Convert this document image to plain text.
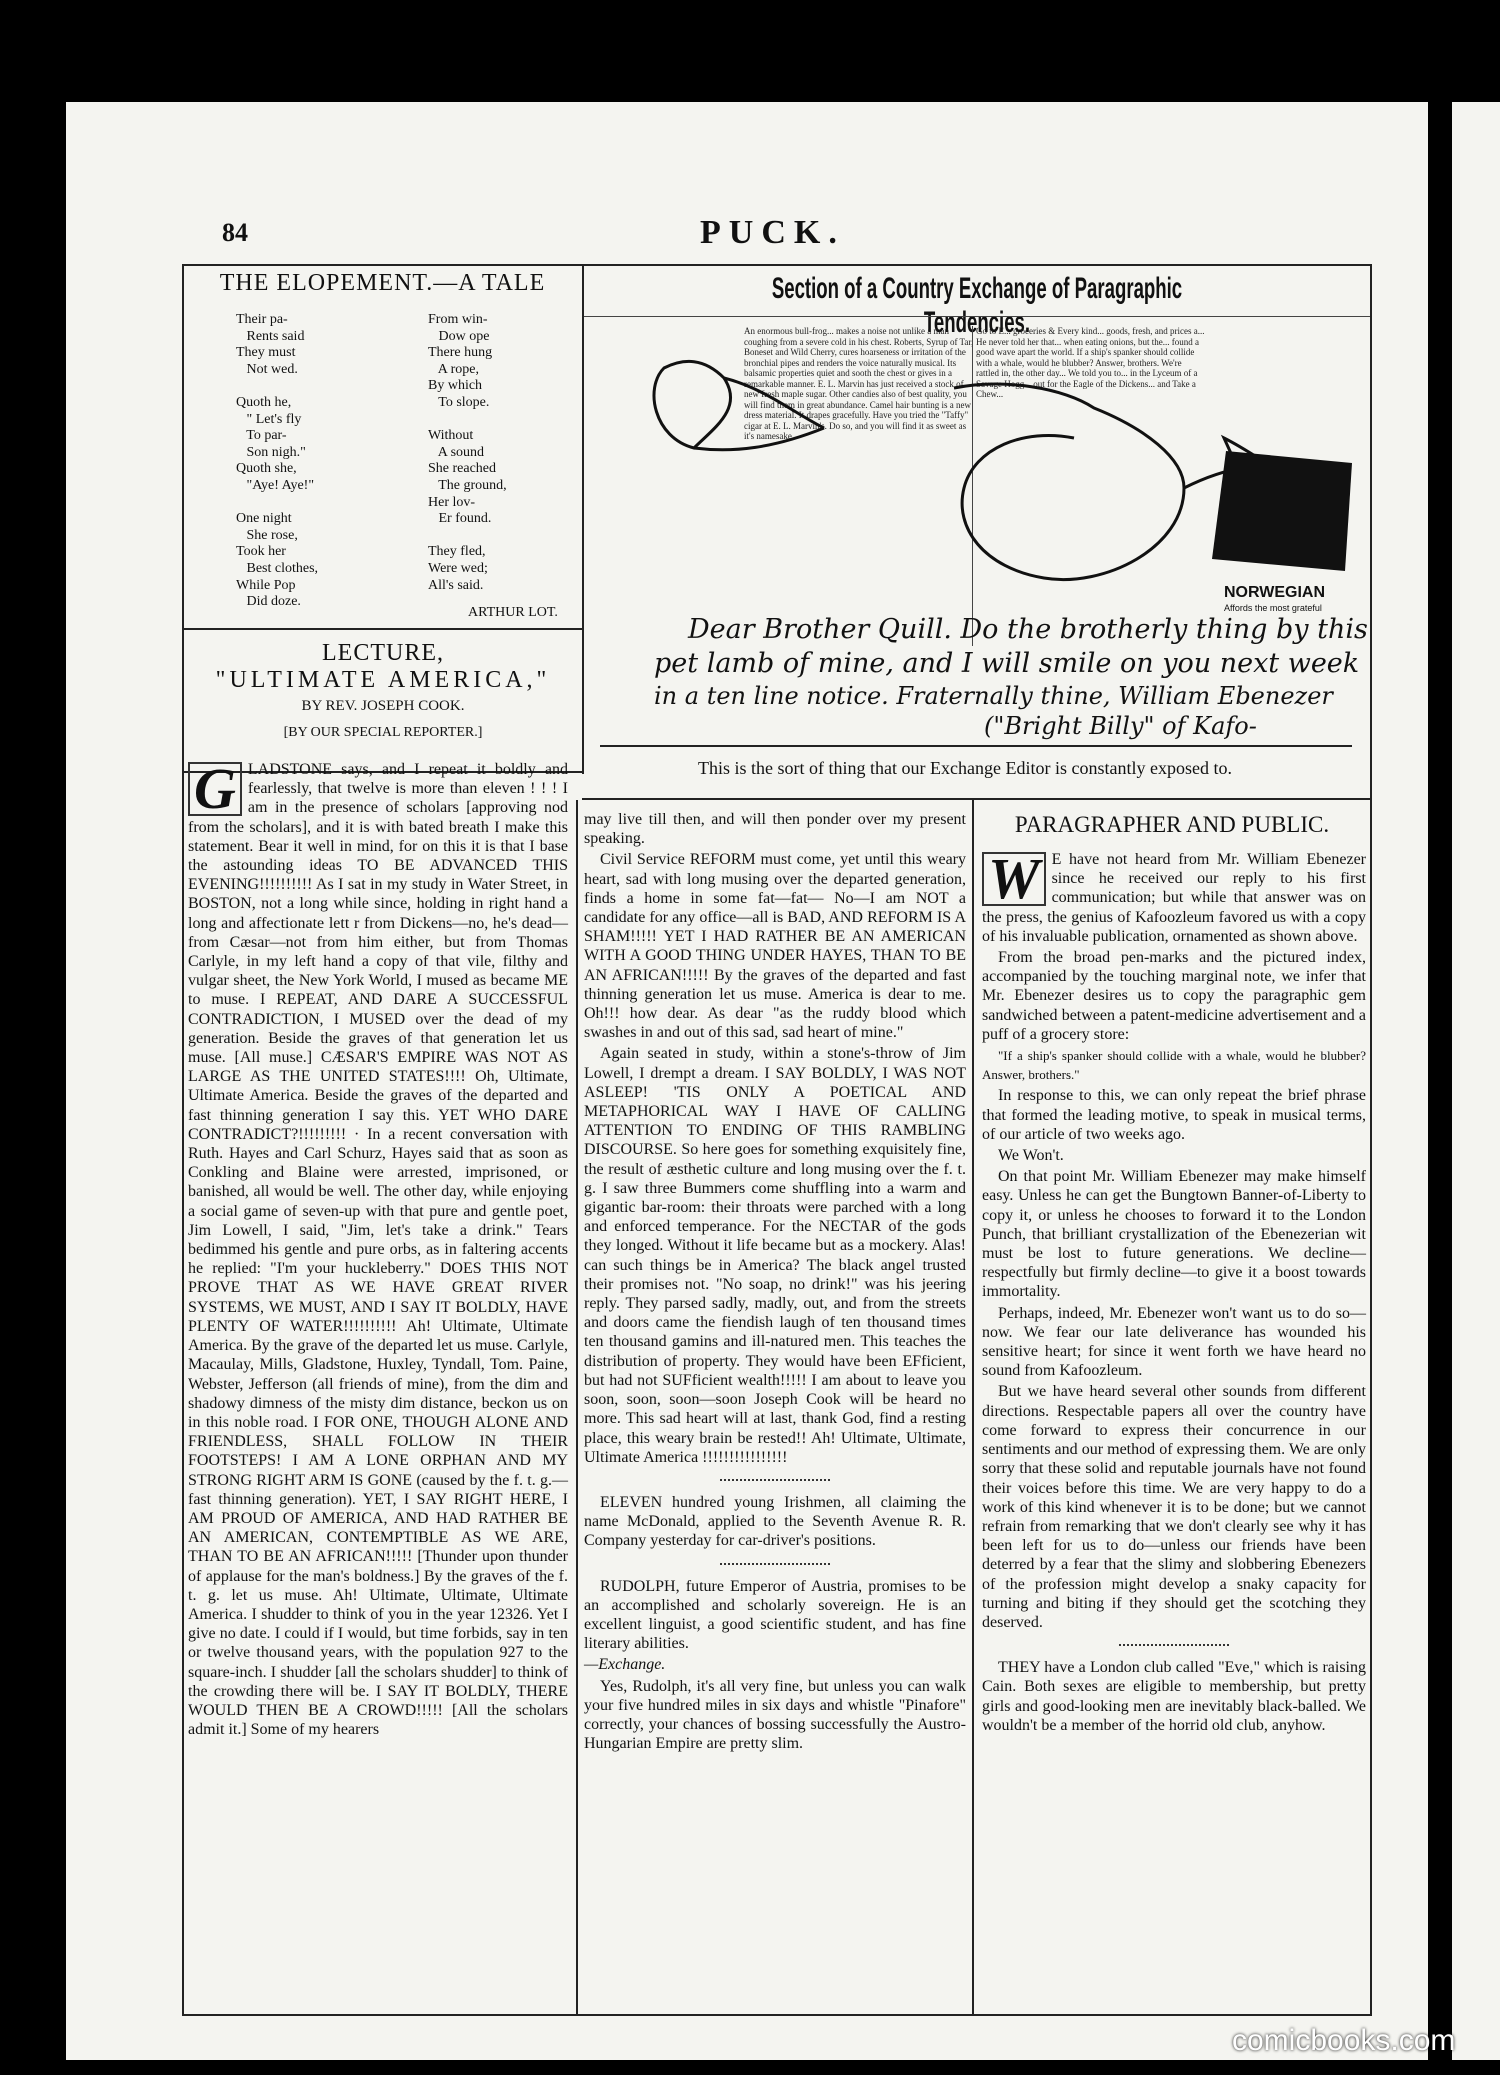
84	PUCK.
THE ELOPEMENT.—A TALE
Their pa-
Rents said
They must
Not wed.

Quoth he,
" Let's fly
To par-
Son nigh."
Quoth she,
"Aye! Aye!"

One night
She rose,
Took her
Best clothes,
While Pop
Did doze.
From win-
Dow ope
There hung
A rope,
By which
To slope.

Without
A sound
She reached
The ground,
Her lov-
Er found.

They fled,
Were wed;
All's said.
ARTHUR LOT.
LECTURE,
"ULTIMATE AMERICA,"
BY REV. JOSEPH COOK.
[BY OUR SPECIAL REPORTER.]
G LADSTONE says, and I repeat it boldly and fearlessly, that twelve is more than eleven ! ! ! I am in the presence of scholars [approving nod from the scholars], and it is with bated breath I make this statement. Bear it well in mind, for on this it is that I base the astounding ideas TO BE ADVANCED THIS EVENING!!!!!!!!!! As I sat in my study in Water Street, in BOSTON, not a long while since, holding in right hand a long and affectionate lett r from Dickens—no, he's dead—from Cæsar—not from him either, but from Thomas Carlyle, in my left hand a copy of that vile, filthy and vulgar sheet, the New York World, I mused as became ME to muse. I REPEAT, AND DARE A SUCCESSFUL CONTRADICTION, I MUSED over the dead of my generation. Beside the graves of that generation let us muse. [All muse.] CÆSAR'S EMPIRE WAS NOT AS LARGE AS THE UNITED STATES!!!! Oh, Ultimate, Ultimate America. Beside the graves of the departed and fast thinning generation I say this. YET WHO DARE CONTRADICT?!!!!!!!!! · In a recent conversation with Ruth. Hayes and Carl Schurz, Hayes said that as soon as Conkling and Blaine were arrested, imprisoned, or banished, all would be well. The other day, while enjoying a social game of seven-up with that pure and gentle poet, Jim Lowell, I said, "Jim, let's take a drink." Tears bedimmed his gentle and pure orbs, as in faltering accents he replied: "I'm your huckleberry." DOES THIS NOT PROVE THAT AS WE HAVE GREAT RIVER SYSTEMS, WE MUST, AND I SAY IT BOLDLY, HAVE PLENTY OF WATER!!!!!!!!!! Ah! Ultimate, Ultimate America. By the grave of the departed let us muse. Carlyle, Macaulay, Mills, Gladstone, Huxley, Tyndall, Tom. Paine, Webster, Jefferson (all friends of mine), from the dim and shadowy dimness of the misty dim distance, beckon us on in this noble road. I FOR ONE, THOUGH ALONE AND FRIENDLESS, SHALL FOLLOW IN THEIR FOOTSTEPS! I AM A LONE ORPHAN AND MY STRONG RIGHT ARM IS GONE (caused by the f. t. g.—fast thinning generation). YET, I SAY RIGHT HERE, I AM PROUD OF AMERICA, AND HAD RATHER BE AN AMERICAN, CONTEMPTIBLE AS WE ARE, THAN TO BE AN AFRICAN!!!!! [Thunder upon thunder of applause for the man's boldness.] By the graves of the f. t. g. let us muse. Ah! Ultimate, Ultimate, Ultimate America. I shudder to think of you in the year 12326. Yet I give no date. I could if I would, but time forbids, say in ten or twelve thousand years, with the population 927 to the square-inch. I shudder [all the scholars shudder] to think of the crowding there will be. I SAY IT BOLDLY, THERE WOULD THEN BE A CROWD!!!!! [All the scholars admit it.] Some of my hearers

may live till then, and will then ponder over my present speaking.

Civil Service REFORM must come, yet until this weary heart, sad with long musing over the departed generation, finds a home in some fat—fat— No—I am NOT a candidate for any office—all is BAD, AND REFORM IS A SHAM!!!!! YET I HAD RATHER BE AN AMERICAN WITH A GOOD THING UNDER HAYES, THAN TO BE AN AFRICAN!!!!! By the graves of the departed and fast thinning generation let us muse. America is dear to me. Oh!!! how dear. As dear "as the ruddy blood which swashes in and out of this sad, sad heart of mine."

Again seated in study, within a stone's-throw of Jim Lowell, I drempt a dream. I SAY BOLDLY, I WAS NOT ASLEEP! 'TIS ONLY A POETICAL AND METAPHORICAL WAY I HAVE OF CALLING ATTENTION TO ENDING OF THIS RAMBLING DISCOURSE. So here goes for something exquisitely fine, the result of æsthetic culture and long musing over the f. t. g. I saw three Bummers come shuffling into a warm and gigantic bar-room: their throats were parched with a long and enforced temperance. For the NECTAR of the gods they longed. Without it life became but as a mockery. Alas! can such things be in America? The black angel trusted their promises not. "No soap, no drink!" was his jeering reply. They parsed sadly, madly, out, and from the streets and doors came the fiendish laugh of ten thousand times ten thousand gamins and ill-natured men. This teaches the distribution of property. They would have been EFficient, but had not SUFficient wealth!!!!! I am about to leave you soon, soon, soon—soon Joseph Cook will be heard no more. This sad heart will at last, thank God, find a resting place, this weary brain be rested!! Ah! Ultimate, Ultimate, Ultimate America !!!!!!!!!!!!!!!!

ELEVEN hundred young Irishmen, all claiming the name McDonald, applied to the Seventh Avenue R. R. Company yesterday for car-driver's positions.

RUDOLPH, future Emperor of Austria, promises to be an accomplished and scholarly sovereign. He is an excellent linguist, a good scientific student, and has fine literary abilities.

—Exchange.

Yes, Rudolph, it's all very fine, but unless you can walk your five hundred miles in six days and whistle "Pinafore" correctly, your chances of bossing successfully the Austro-Hungarian Empire are pretty slim.

Section of a Country Exchange of Paragraphic Tendencies.
An enormous bull-frog... makes a noise not unlike a man coughing from a severe cold in his chest. Roberts, Syrup of Tar, Boneset and Wild Cherry, cures hoarseness or irritation of the bronchial pipes and renders the voice naturally musical. Its balsamic properties quiet and sooth the chest or gives in a remarkable manner. E. L. Marvin has just received a stock of new fresh maple sugar. Other candies also of best quality, you will find them in great abundance. Camel hair bunting is a new dress material. It drapes gracefully. Have you tried the "Taffy" cigar at E. L. Marvin's. Do so, and you will find it as sweet as it's namesake.
Go to E... groceries & Every kind... goods, fresh, and prices a... He never told her that... when eating onions, but the... found a good wave apart the world. If a ship's spanker should collide with a whale, would he blubber? Answer, brothers. We're rattled in, the other day... We told you to... in the Lyceum of a Savage Hogg... out for the Eagle of the Dickens... and Take a Chew...
NORWEGIAN
Affords the most grateful
Dear Brother Quill. Do the brotherly thing by this
pet lamb of mine, and I will smile on you next week
in a ten line notice. Fraternally thine, William Ebenezer
("Bright Billy" of Kafo-
This is the sort of thing that our Exchange Editor is constantly exposed to.
PARAGRAPHER AND PUBLIC.

W E have not heard from Mr. William Ebenezer since he received our reply to his first communication; but while that answer was on the press, the genius of Kafoozleum favored us with a copy of his invaluable publication, ornamented as shown above.

From the broad pen-marks and the pictured index, accompanied by the touching marginal note, we infer that Mr. Ebenezer desires us to copy the paragraphic gem sandwiched between a patent-medicine advertisement and a puff of a grocery store:

"If a ship's spanker should collide with a whale, would he blubber? Answer, brothers."

In response to this, we can only repeat the brief phrase that formed the leading motive, to speak in musical terms, of our article of two weeks ago.

We Won't.

On that point Mr. William Ebenezer may make himself easy. Unless he can get the Bungtown Banner-of-Liberty to copy it, or unless he chooses to forward it to the London Punch, that brilliant crystallization of the Ebenezerian wit must be lost to future generations. We decline—respectfully but firmly decline—to give it a boost towards immortality.

Perhaps, indeed, Mr. Ebenezer won't want us to do so—now. We fear our late deliverance has wounded his sensitive heart; for since it went forth we have heard no sound from Kafoozleum.

But we have heard several other sounds from different directions. Respectable papers all over the country have come forward to express their concurrence in our sentiments and our method of expressing them. We are only sorry that these solid and reputable journals have not found their voices before this time. We are very happy to do a work of this kind whenever it is to be done; but we cannot refrain from remarking that we don't clearly see why it has been left for us to do—unless our friends have been deterred by a fear that the slimy and slobbering Ebenezers of the profession might develop a snaky capacity for turning and biting if they should get the scotching they deserved.

THEY have a London club called "Eve," which is raising Cain. Both sexes are eligible to membership, but pretty girls and good-looking men are inevitably black-balled. We wouldn't be a member of the horrid old club, anyhow.

comicbooks.com
